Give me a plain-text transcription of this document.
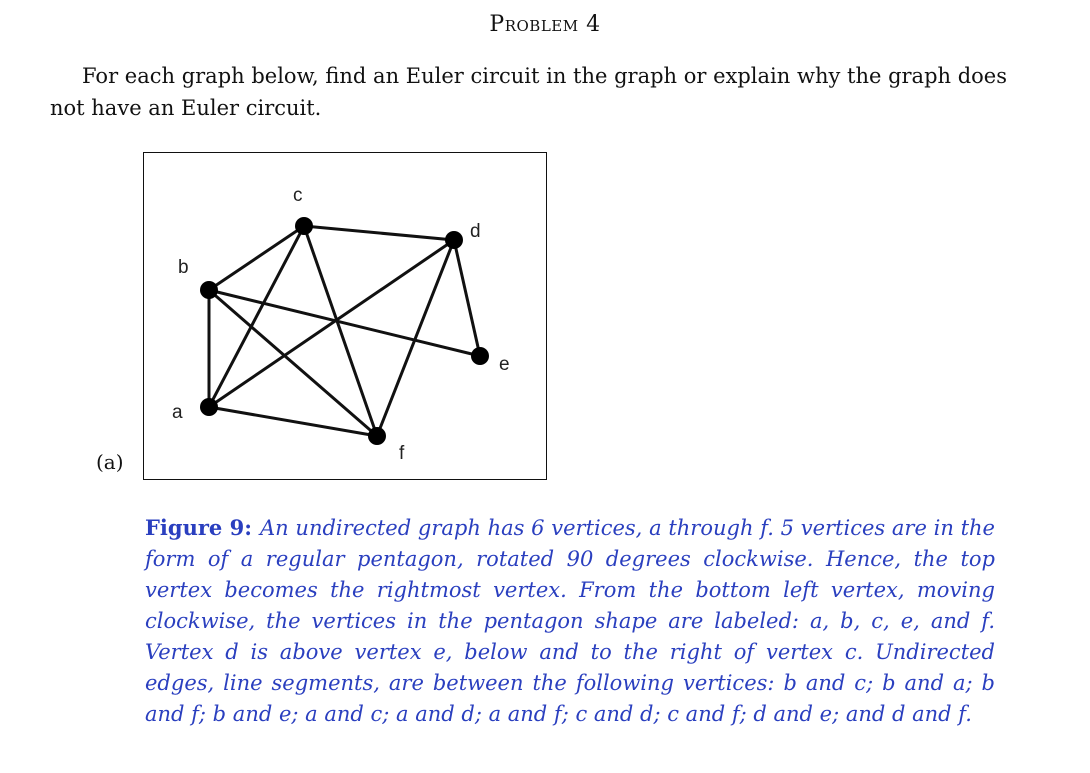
Problem 4
For each graph below, find an Euler circuit in the graph or explain why the graph does not have an Euler circuit.
(a)
a
b
c
d
e
f
Figure 9: An undirected graph has 6 vertices, a through f. 5 vertices are in the form of a regular pentagon, rotated 90 degrees clockwise. Hence, the top vertex becomes the rightmost vertex. From the bottom left vertex, moving clockwise, the vertices in the pentagon shape are labeled: a, b, c, e, and f. Vertex d is above vertex e, below and to the right of vertex c. Undirected edges, line segments, are between the following vertices: b and c; b and a; b and f; b and e; a and c; a and d; a and f; c and d; c and f; d and e; and d and f.
